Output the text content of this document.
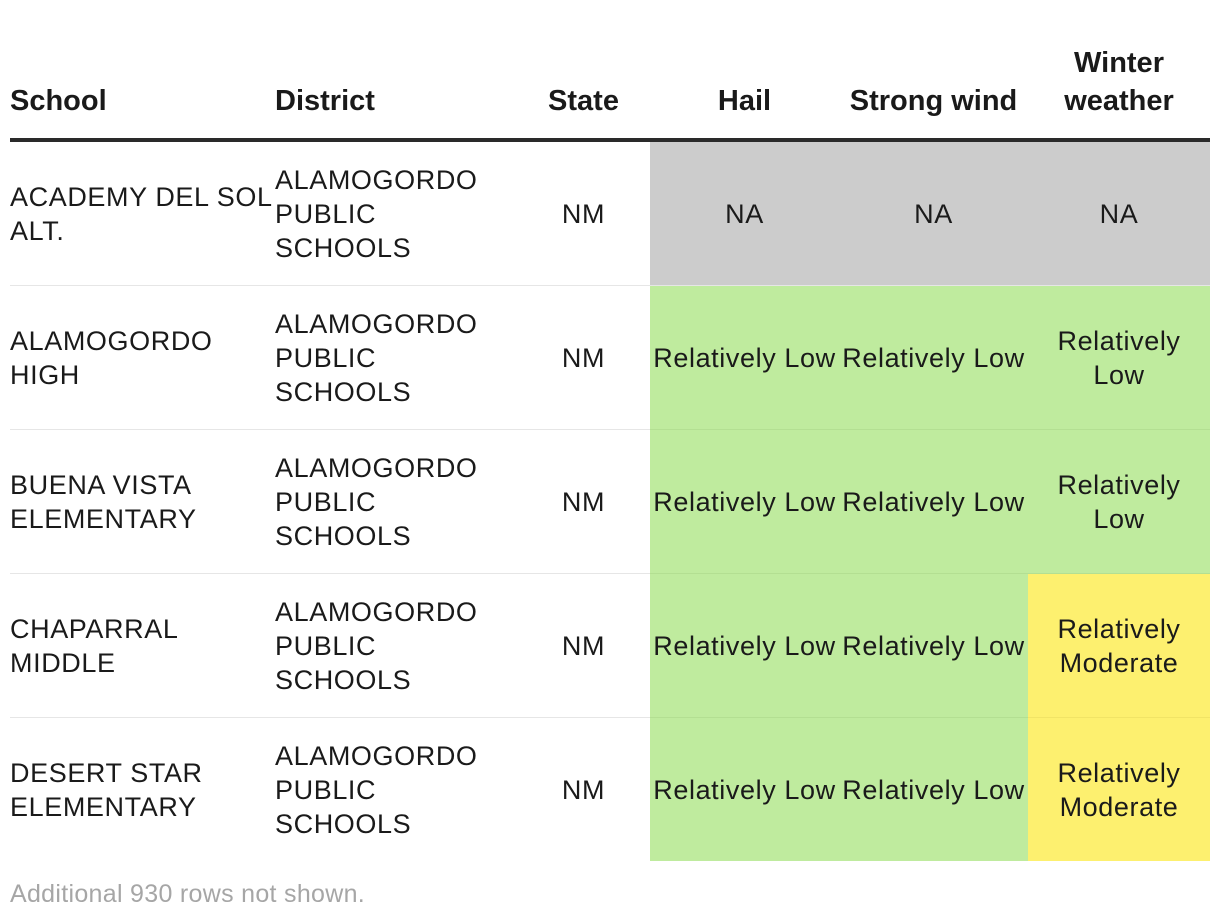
School	District	State	Hail	Strong wind	Winter weather
ACADEMY DEL SOL ALT.	ALAMOGORDO PUBLIC SCHOOLS	NM	NA	NA	NA
ALAMOGORDO HIGH	ALAMOGORDO PUBLIC SCHOOLS	NM	Relatively Low	Relatively Low	Relatively Low
BUENA VISTA ELEMENTARY	ALAMOGORDO PUBLIC SCHOOLS	NM	Relatively Low	Relatively Low	Relatively Low
CHAPARRAL MIDDLE	ALAMOGORDO PUBLIC SCHOOLS	NM	Relatively Low	Relatively Low	Relatively Moderate
DESERT STAR ELEMENTARY	ALAMOGORDO PUBLIC SCHOOLS	NM	Relatively Low	Relatively Low	Relatively Moderate
Additional 930 rows not shown.
